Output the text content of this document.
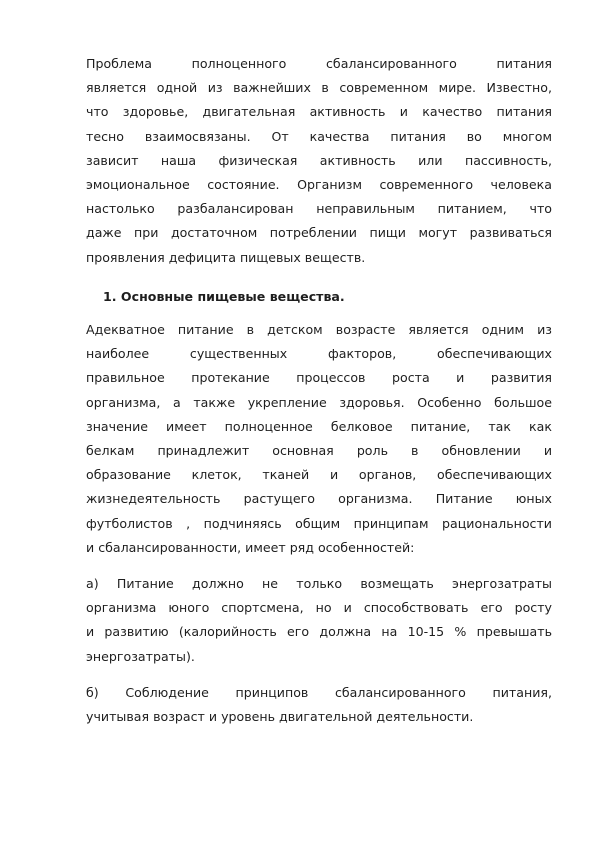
Проблема полноценного сбалансированного питания
является одной из важнейших в современном мире. Известно,
что здоровье, двигательная активность и качество питания
тесно взаимосвязаны. От качества питания во многом
зависит наша физическая активность или пассивность,
эмоциональное состояние. Организм современного человека
настолько разбалансирован неправильным питанием, что
даже при достаточном потреблении пищи могут развиваться
проявления дефицита пищевых веществ.

1. Основные пищевые вещества.

Адекватное питание в детском возрасте является одним из
наиболее существенных факторов, обеспечивающих
правильное протекание процессов роста и развития
организма, а также укрепление здоровья. Особенно большое
значение имеет полноценное белковое питание, так как
белкам принадлежит основная роль в обновлении и
образование клеток, тканей и органов, обеспечивающих
жизнедеятельность растущего организма. Питание юных
футболистов , подчиняясь общим принципам рациональности
и сбалансированности, имеет ряд особенностей:

а) Питание должно не только возмещать энергозатраты
организма юного спортсмена, но и способствовать его росту
и развитию (калорийность его должна на 10-15 % превышать
энергозатраты).

б) Соблюдение принципов сбалансированного питания,
учитывая возраст и уровень двигательной деятельности.
